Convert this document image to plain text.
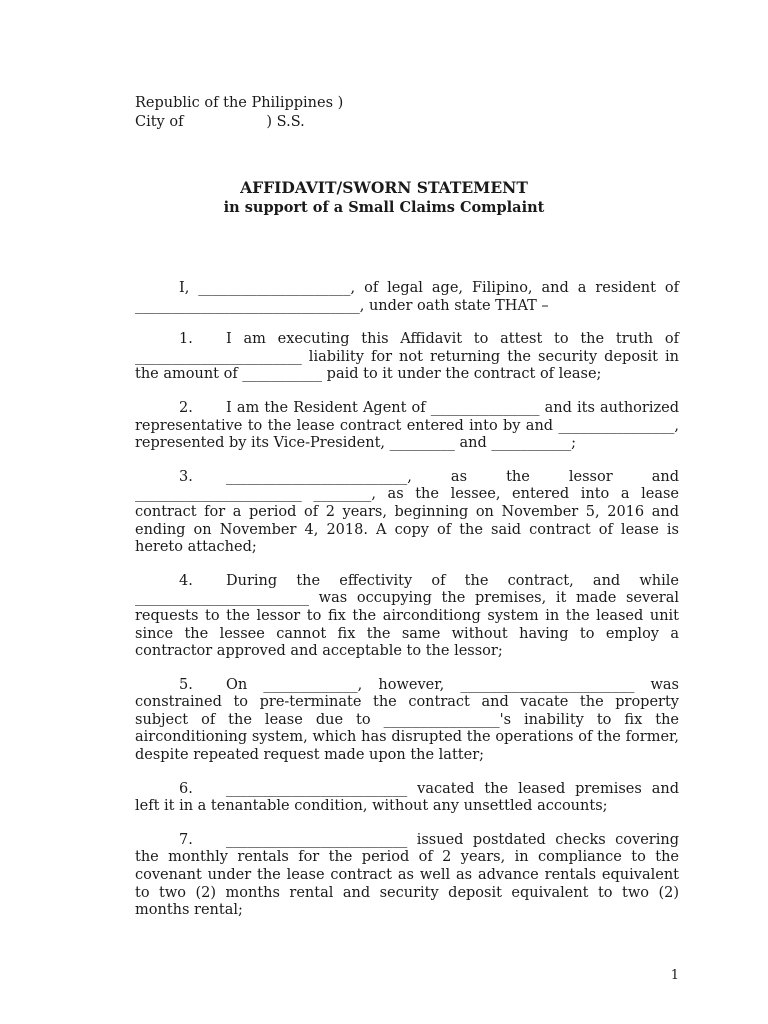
Republic of the Philippines )
City of                  ) S.S.
AFFIDAVIT/SWORN STATEMENT
in support of a Small Claims Complaint

I, _____________________, of legal age, Filipino, and a resident of _______________________________, under oath state THAT –

1. I am executing this Affidavit to attest to the truth of _______________________ liability for not returning the security deposit in the amount of ___________ paid to it under the contract of lease;

2. I am the Resident Agent of _______________ and its authorized representative to the lease contract entered into by and ________________, represented by its Vice-President, _________ and ___________;

3. _________________________, as the lessor and _______________________ ________, as the lessee, entered into a lease contract for a period of 2 years, beginning on November 5, 2016 and ending on November 4, 2018. A copy of the said contract of lease is hereto attached;

4. During the effectivity of the contract, and while ________________________ was occupying the premises, it made several requests to the lessor to fix the airconditiong system in the leased unit since the lessee cannot fix the same without having to employ a contractor approved and acceptable to the lessor;

5. On _____________, however, ________________________ was constrained to pre-terminate the contract and vacate the property subject of the lease due to ________________'s inability to fix the airconditioning system, which has disrupted the operations of the former, despite repeated request made upon the latter;

6. _________________________ vacated the leased premises and left it in a tenantable condition, without any unsettled accounts;

7. _________________________ issued postdated checks covering the monthly rentals for the period of 2 years, in compliance to the covenant under the lease contract as well as advance rentals equivalent to two (2) months rental and security deposit equivalent to two (2) months rental;

1
